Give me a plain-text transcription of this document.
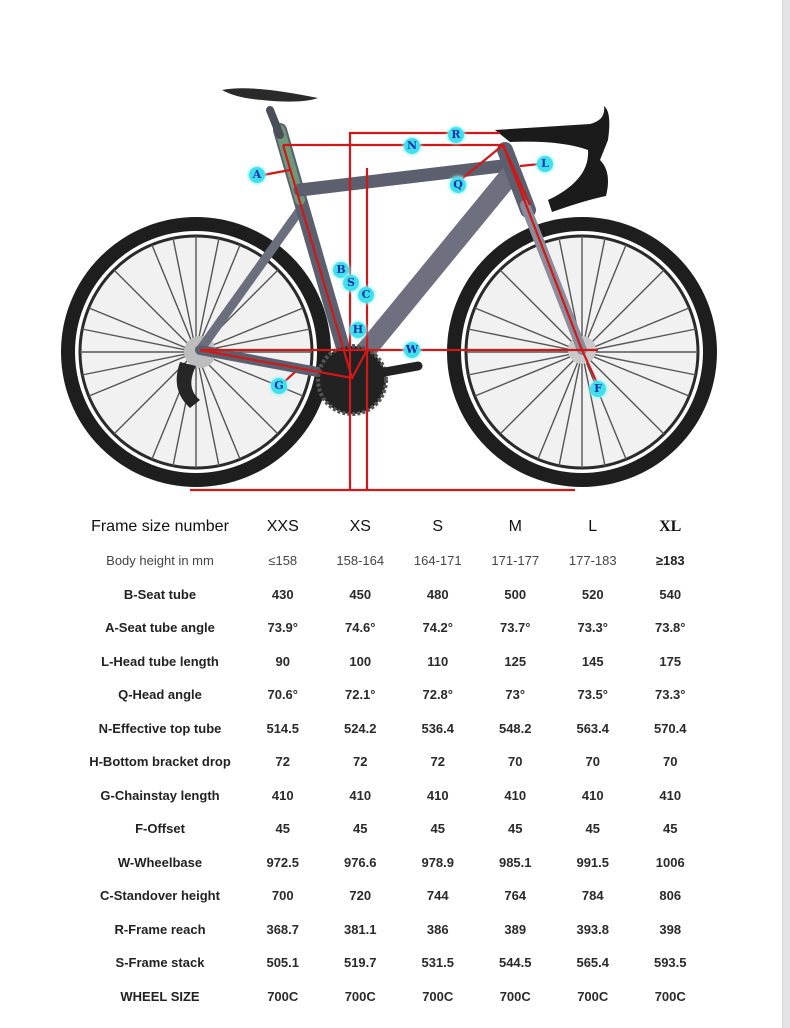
A
R
N
L
Q
B
S
C
H
W
G	F
Frame size number	XXS	XS	S	M	L	XL
Body height in mm	≤158	158-164	164-171	171-177	177-183	≥183
B-Seat tube	430	450	480	500	520	540
A-Seat tube angle	73.9°	74.6°	74.2°	73.7°	73.3°	73.8°
L-Head tube length	90	100	110	125	145	175
Q-Head angle	70.6°	72.1°	72.8°	73°	73.5°	73.3°
N-Effective top tube	514.5	524.2	536.4	548.2	563.4	570.4
H-Bottom bracket drop	72	72	72	70	70	70
G-Chainstay length	410	410	410	410	410	410
F-Offset	45	45	45	45	45	45
W-Wheelbase	972.5	976.6	978.9	985.1	991.5	1006
C-Standover height	700	720	744	764	784	806
R-Frame reach	368.7	381.1	386	389	393.8	398
S-Frame stack	505.1	519.7	531.5	544.5	565.4	593.5
WHEEL SIZE	700C	700C	700C	700C	700C	700C
